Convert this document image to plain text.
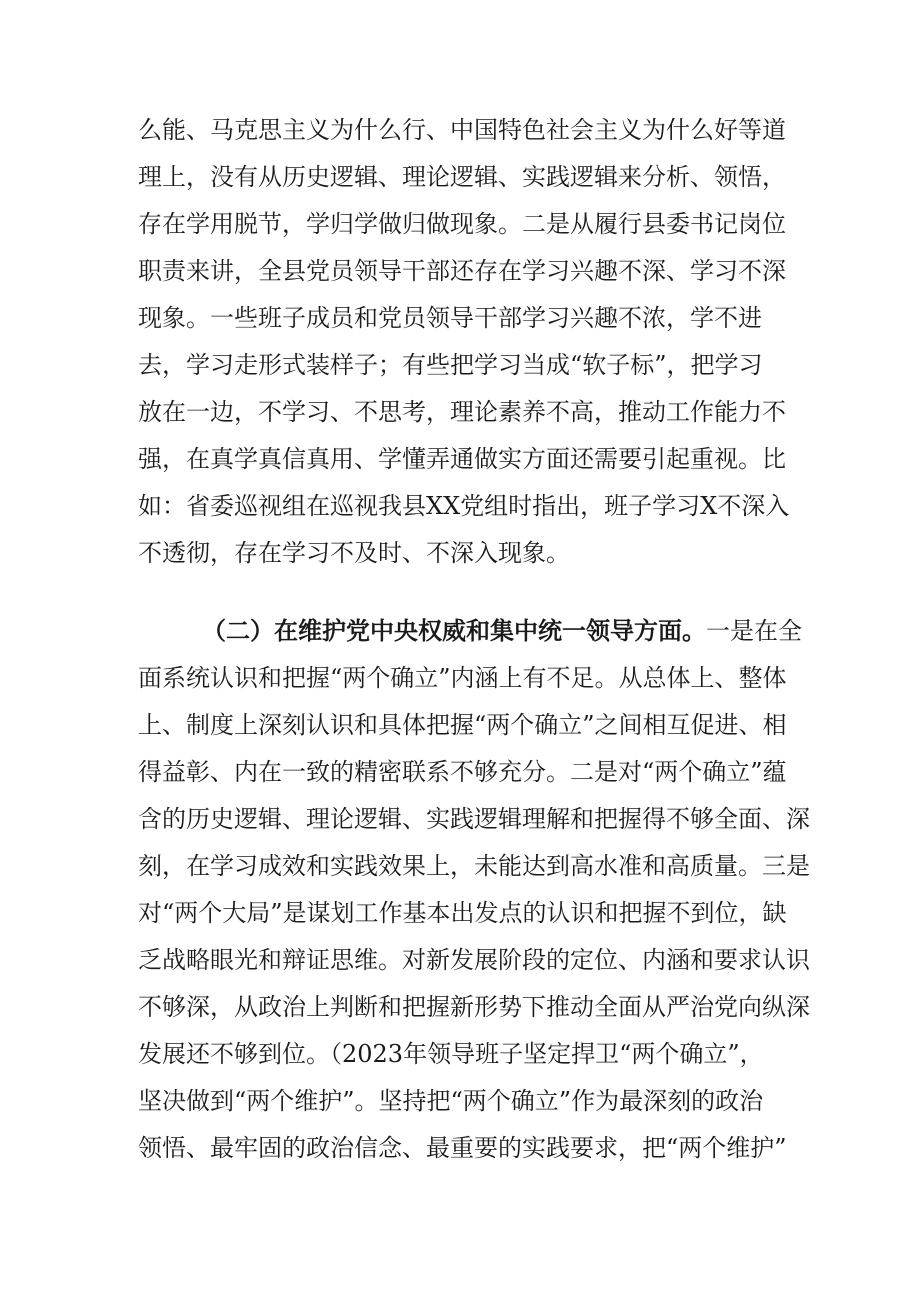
么能、马克思主义为什么行、中国特色社会主义为什么好等道
理上，没有从历史逻辑、理论逻辑、实践逻辑来分析、领悟，
存在学用脱节，学归学做归做现象。二是从履行县委书记岗位
职责来讲，全县党员领导干部还存在学习兴趣不深、学习不深
现象。一些班子成员和党员领导干部学习兴趣不浓，学不进
去，学习走形式装样子；有些把学习当成“软子标”，把学习
放在一边，不学习、不思考，理论素养不高，推动工作能力不
强，在真学真信真用、学懂弄通做实方面还需要引起重视。比
如：省委巡视组在巡视我县XX党组时指出，班子学习X不深入
不透彻，存在学习不及时、不深入现象。
（二）在维护党中央权威和集中统一领导方面。一是在全
面系统认识和把握“两个确立”内涵上有不足。从总体上、整体
上、制度上深刻认识和具体把握“两个确立”之间相互促进、相
得益彰、内在一致的精密联系不够充分。二是对“两个确立”蕴
含的历史逻辑、理论逻辑、实践逻辑理解和把握得不够全面、深
刻，在学习成效和实践效果上，未能达到高水准和高质量。三是
对“两个大局”是谋划工作基本出发点的认识和把握不到位，缺
乏战略眼光和辩证思维。对新发展阶段的定位、内涵和要求认识
不够深，从政治上判断和把握新形势下推动全面从严治党向纵深
发展还不够到位。（2023年领导班子坚定捍卫“两个确立”，
坚决做到“两个维护”。坚持把“两个确立”作为最深刻的政治
领悟、最牢固的政治信念、最重要的实践要求，把“两个维护”
